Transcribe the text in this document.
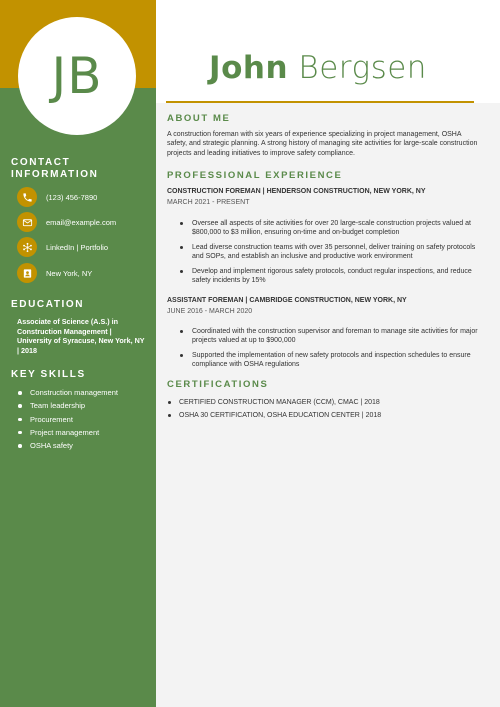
JB	John Bergsen
CONTACT
INFORMATION
(123) 456-7890
email@example.com
LinkedIn | Portfolio
New York, NY
EDUCATION
Associate of Science (A.S.) in Construction Management | University of Syracuse, New York, NY | 2018
KEY SKILLS
Construction management
Team leadership
Procurement
Project management
OSHA safety
ABOUT ME
A construction foreman with six years of experience specializing in project management, OSHA safety, and strategic planning. A strong history of managing site activities for large-scale construction projects and leading initiatives to improve safety compliance.
PROFESSIONAL EXPERIENCE
CONSTRUCTION FOREMAN | HENDERSON CONSTRUCTION, NEW YORK, NY
MARCH 2021 - PRESENT
Oversee all aspects of site activities for over 20 large-scale construction projects valued at $800,000 to $3 million, ensuring on-time and on-budget completion
Lead diverse construction teams with over 35 personnel, deliver training on safety protocols and SOPs, and establish an inclusive and productive work environment
Develop and implement rigorous safety protocols, conduct regular inspections, and reduce safety incidents by 15%
ASSISTANT FOREMAN | CAMBRIDGE CONSTRUCTION, NEW YORK, NY
JUNE 2016 - MARCH 2020
Coordinated with the construction supervisor and foreman to manage site activities for major projects valued at up to $900,000
Supported the implementation of new safety protocols and inspection schedules to ensure compliance with OSHA regulations
CERTIFICATIONS
CERTIFIED CONSTRUCTION MANAGER (CCM), CMAC | 2018
OSHA 30 CERTIFICATION, OSHA EDUCATION CENTER | 2018
